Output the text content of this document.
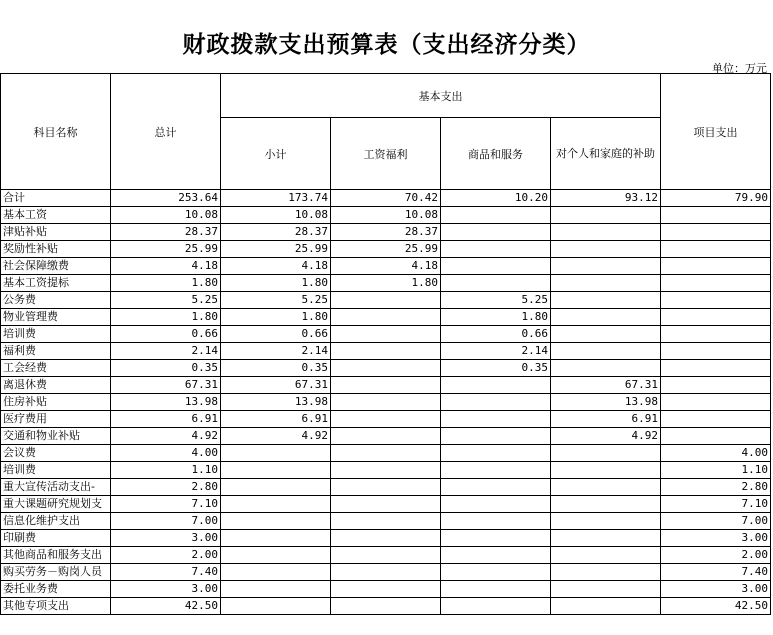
财政拨款支出预算表（支出经济分类）
单位：万元
科目名称	总计	基本支出				项目支出
		小计	工资福利	商品和服务	对个人和家庭的补助	
合计	253.64	173.74	70.42	10.20	93.12	79.90
基本工资	10.08	10.08	10.08			
津贴补贴	28.37	28.37	28.37			
奖励性补贴	25.99	25.99	25.99			
社会保障缴费	4.18	4.18	4.18			
基本工资提标	1.80	1.80	1.80			
公务费	5.25	5.25		5.25		
物业管理费	1.80	1.80		1.80		
培训费	0.66	0.66		0.66		
福利费	2.14	2.14		2.14		
工会经费	0.35	0.35		0.35		
离退休费	67.31	67.31			67.31	
住房补贴	13.98	13.98			13.98	
医疗费用	6.91	6.91			6.91	
交通和物业补贴	4.92	4.92			4.92	
会议费	4.00					4.00
培训费	1.10					1.10
重大宣传活动支出-	2.80					2.80
重大课题研究规划支	7.10					7.10
信息化维护支出	7.00					7.00
印刷费	3.00					3.00
其他商品和服务支出	2.00					2.00
购买劳务－购岗人员	7.40					7.40
委托业务费	3.00					3.00
其他专项支出	42.50					42.50
